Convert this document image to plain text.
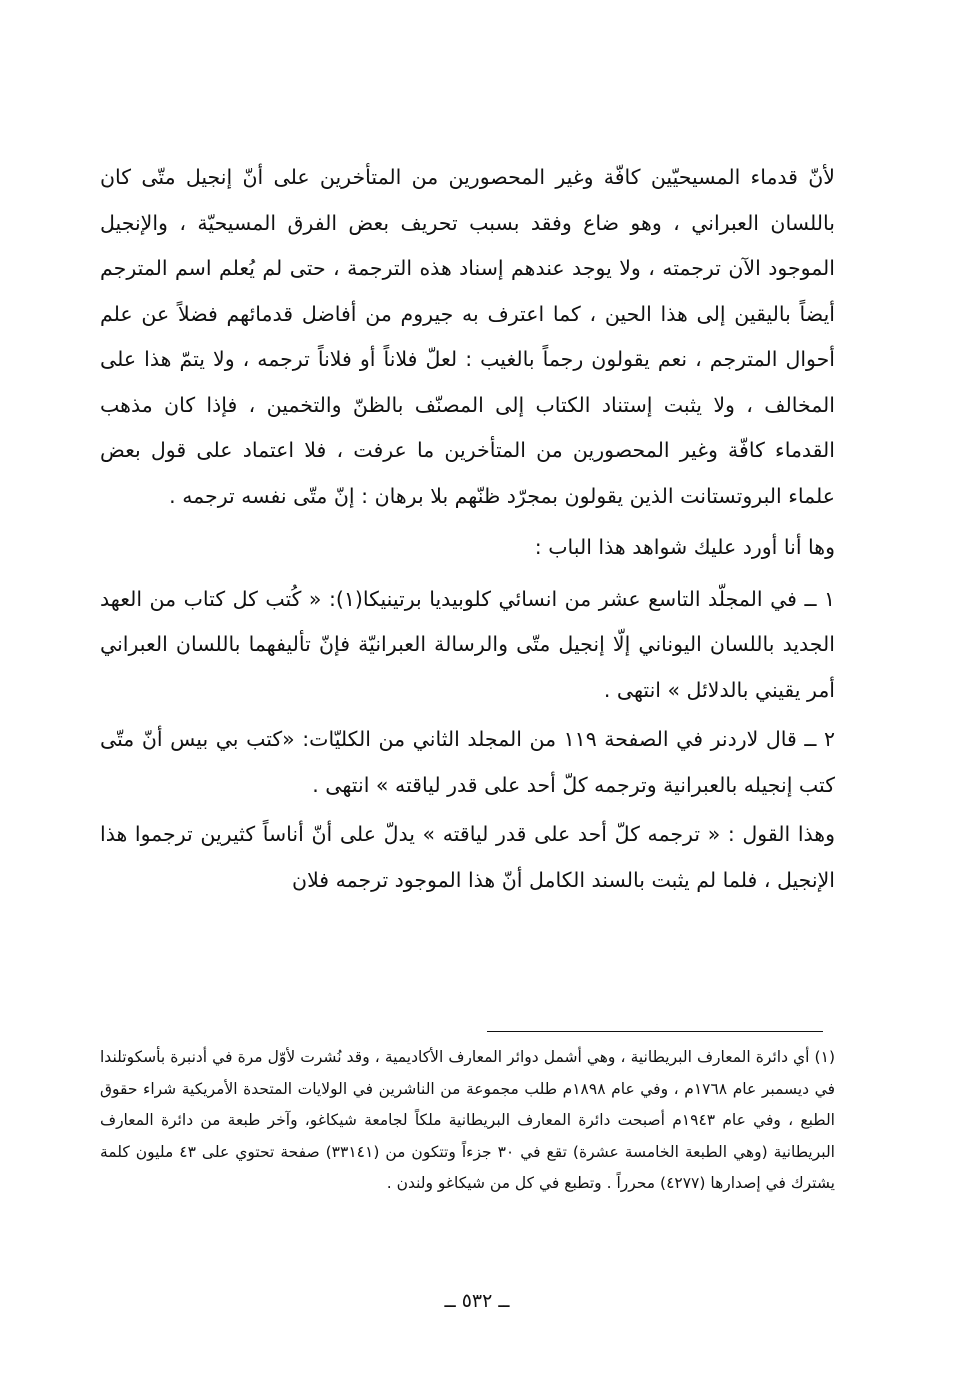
لأنّ قدماء المسيحيّين كافّة وغير المحصورين من المتأخرين على أنّ إنجيل متّى كان باللسان العبراني ، وهو ضاع وفقد بسبب تحريف بعض الفرق المسيحيّة ، والإنجيل الموجود الآن ترجمته ، ولا يوجد عندهم إسناد هذه الترجمة ، حتى لم يُعلم اسم المترجم أيضاً باليقين إلى هذا الحين ، كما اعترف به جيروم من أفاضل قدمائهم فضلاً عن علم أحوال المترجم ، نعم يقولون رجماً بالغيب : لعلّ فلاناً أو فلاناً ترجمه ، ولا يتمّ هذا على المخالف ، ولا يثبت إستناد الكتاب إلى المصنّف بالظنّ والتخمين ، فإذا كان مذهب القدماء كافّة وغير المحصورين من المتأخرين ما عرفت ، فلا اعتماد على قول بعض علماء البروتستانت الذين يقولون بمجرّد ظنّهم بلا برهان : إنّ متّى نفسه ترجمه .

وها أنا أورد عليك شواهد هذا الباب :

١ ــ في المجلّد التاسع عشر من انسائي كلوبيديا برتينيكا(١): « كُتب كل كتاب من العهد الجديد باللسان اليوناني إلّا إنجيل متّى والرسالة العبرانيّة فإنّ تأليفهما باللسان العبراني أمر يقيني بالدلائل » انتهى .

٢ ــ قال لاردنر في الصفحة ١١٩ من المجلد الثاني من الكليّات: «كتب بي بيس أنّ متّى كتب إنجيله بالعبرانية وترجمه كلّ أحد على قدر لياقته » انتهى .

وهذا القول : « ترجمه كلّ أحد على قدر لياقته » يدلّ على أنّ أناساً كثيرين ترجموا هذا الإنجيل ، فلما لم يثبت بالسند الكامل أنّ هذا الموجود ترجمه فلان

(١) أي دائرة المعارف البريطانية ، وهي أشمل دوائر المعارف الأكاديمية ، وقد نُشرت لأوّل مرة في أدنبرة بأسكوتلندا في ديسمبر عام ١٧٦٨م ، وفي عام ١٨٩٨م طلب مجموعة من الناشرين في الولايات المتحدة الأمريكية شراء حقوق الطبع ، وفي عام ١٩٤٣م أصبحت دائرة المعارف البريطانية ملكاً لجامعة شيكاغو، وآخر طبعة من دائرة المعارف البريطانية (وهي الطبعة الخامسة عشرة) تقع في ٣٠ جزءاً وتتكون من (٣٣١٤١) صفحة تحتوي على ٤٣ مليون كلمة يشترك في إصدارها (٤٢٧٧) محرراً . وتطبع في كل من شيكاغو ولندن .

ــ ٥٣٢ ــ
